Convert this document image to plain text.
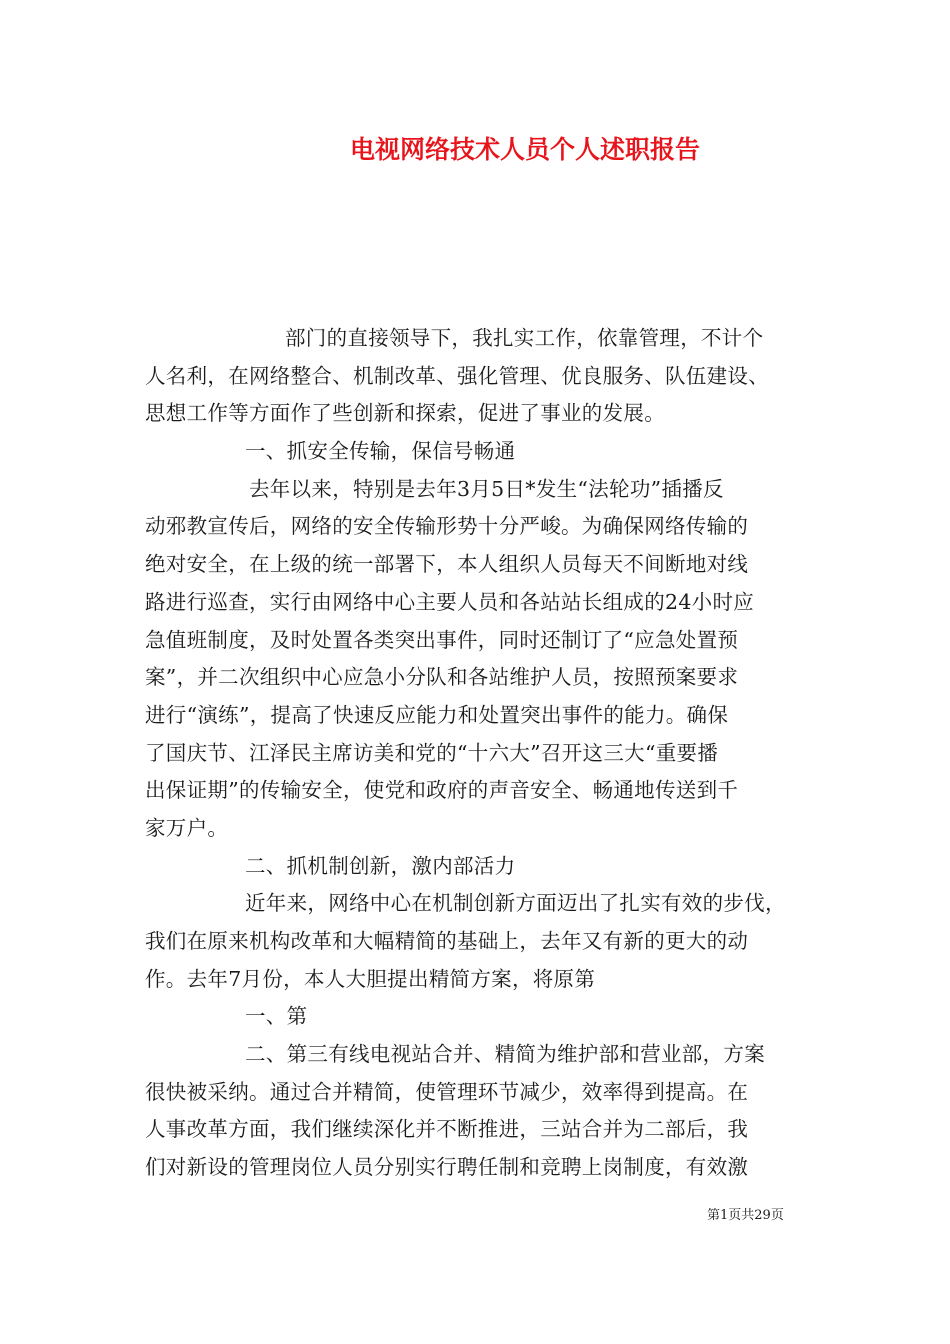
电视网络技术人员个人述职报告
部门的直接领导下，我扎实工作，依靠管理，不计个
人名利，在网络整合、机制改革、强化管理、优良服务、队伍建设、
思想工作等方面作了些创新和探索，促进了事业的发展。
一、抓安全传输，保信号畅通
去年以来，特别是去年3月5日*发生“法轮功”插播反
动邪教宣传后，网络的安全传输形势十分严峻。为确保网络传输的
绝对安全，在上级的统一部署下，本人组织人员每天不间断地对线
路进行巡查，实行由网络中心主要人员和各站站长组成的24小时应
急值班制度，及时处置各类突出事件，同时还制订了“应急处置预
案”，并二次组织中心应急小分队和各站维护人员，按照预案要求
进行“演练”，提高了快速反应能力和处置突出事件的能力。确保
了国庆节、江泽民主席访美和党的“十六大”召开这三大“重要播
出保证期”的传输安全，使党和政府的声音安全、畅通地传送到千
家万户。
二、抓机制创新，激内部活力
近年来，网络中心在机制创新方面迈出了扎实有效的步伐，
我们在原来机构改革和大幅精简的基础上，去年又有新的更大的动
作。去年7月份，本人大胆提出精简方案，将原第
一、第
二、第三有线电视站合并、精简为维护部和营业部，方案
很快被采纳。通过合并精简，使管理环节减少，效率得到提高。在
人事改革方面，我们继续深化并不断推进，三站合并为二部后，我
们对新设的管理岗位人员分别实行聘任制和竞聘上岗制度，有效激
第1页共29页
